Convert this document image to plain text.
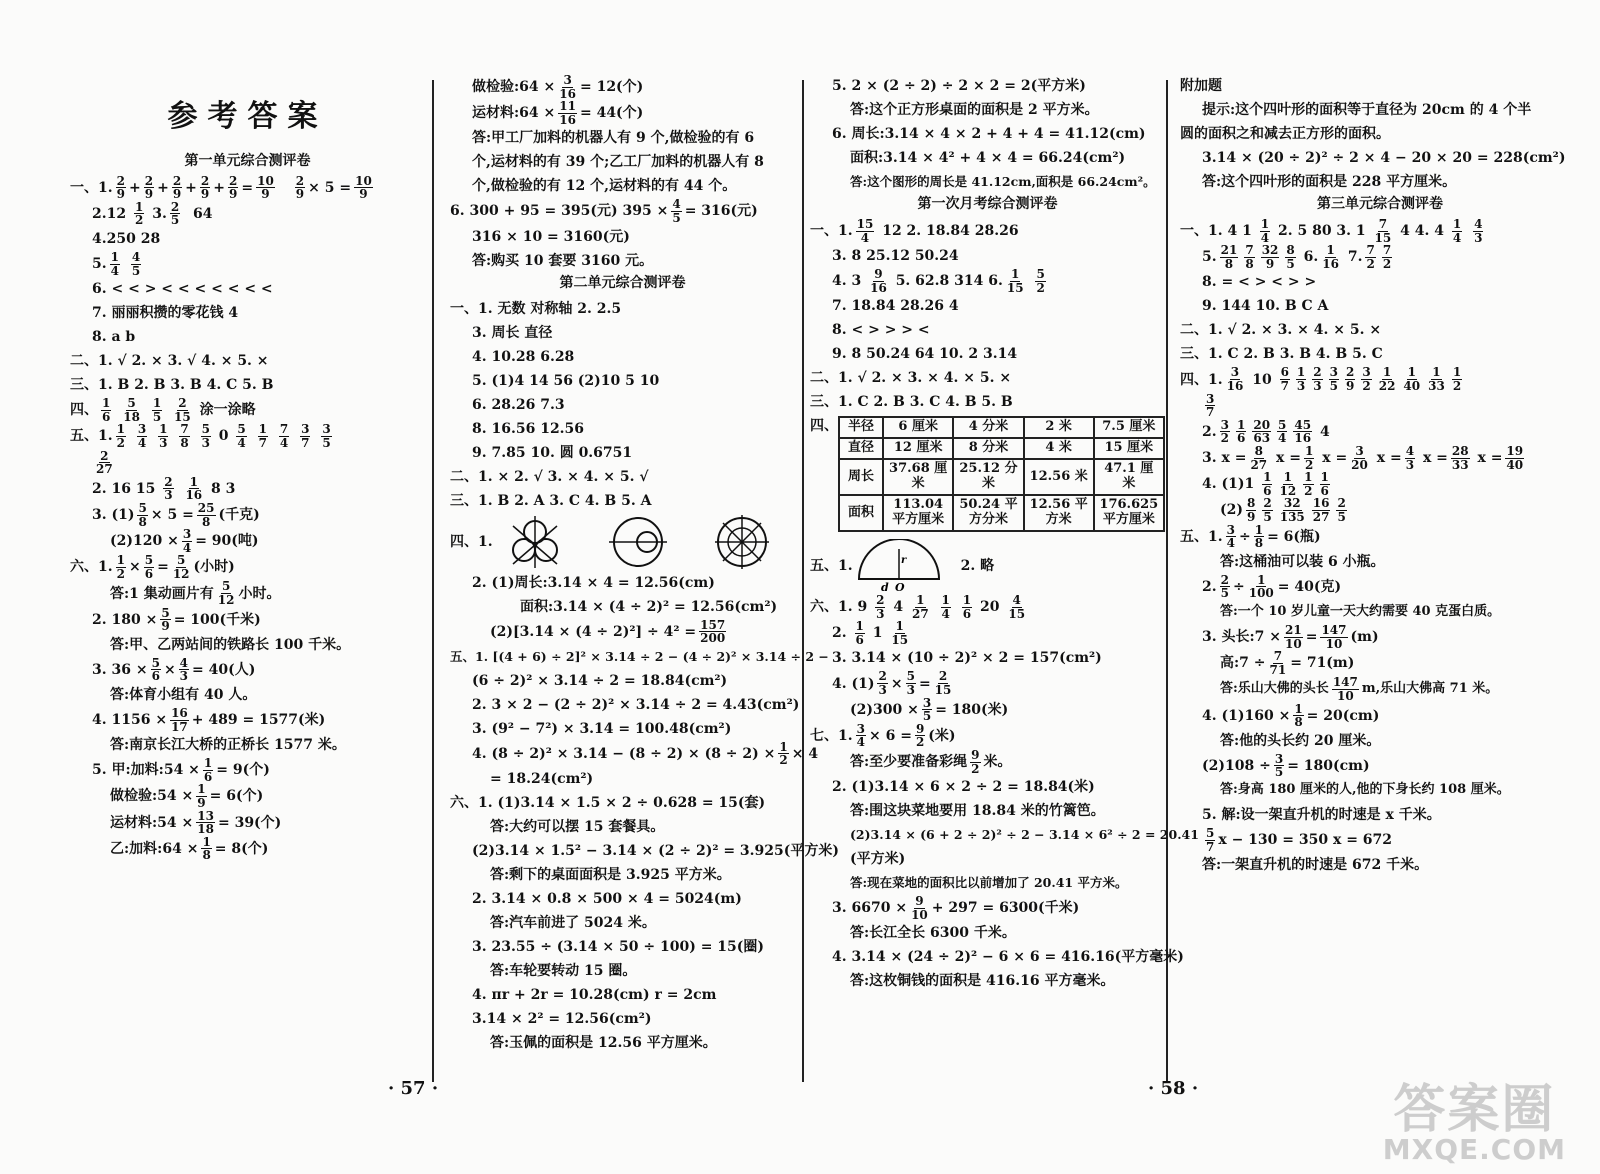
参考答案
第一单元综合测评卷
一、1. $\frac{2}{9} + \frac{2}{9} + \frac{2}{9} + \frac{2}{9} + \frac{2}{9} = \frac{10}{9} \frac{2}{9} \times 5 = \frac{10}{9}$
2.12
$\frac{1}{2}$
3. $\frac{2}{5}$
64
4.250 28
5. $\frac{1}{4}$
$\frac{4}{5}$
6. < < > < < < < < < <
7. 丽丽积攒的零花钱 4
8. a b
二、1. √ 2. × 3. √ 4. × 5. ×
三、1. B 2. B 3. B 4. C 5. B
四、 $\frac{1}{6}$
$\frac{5}{18}$
$\frac{1}{5}$
$\frac{2}{15}$
涂一涂略
五、1. $\frac{1}{2}$
$\frac{3}{4}$
$\frac{1}{3}$
$\frac{7}{8}$
$\frac{5}{3}$
0
$\frac{5}{4}$
$\frac{1}{7}$
$\frac{7}{4}$
$\frac{3}{7}$
$\frac{3}{5}$
$\frac{2}{27}$
2. 16 15
$\frac{2}{3}$
$\frac{1}{16}$
8 3
3. $(1) \frac{5}{8} \times 5 = \frac{25}{8}$ (千克)
$(2)120 \times \frac{3}{4} = 90$(吨)
六、1. $\frac{1}{2} \times \frac{5}{6} = \frac{5}{12}$ (小时)
答:1 集动画片有 $\frac{5}{12}$ 小时。
2. $180 \times \frac{5}{9} = 100$(千米)
答:甲、乙两站间的铁路长 100 千米。
3. $36 \times \frac{5}{6} \times \frac{4}{3} = 40$(人)
答:体育小组有 40 人。
4. $1156 \times \frac{16}{17} + 489 = 1577$(米)
答:南京长江大桥的正桥长 1577 米。
5. 甲:加料:54 × $\frac{1}{6} = 9$(个)
做检验:54 × $\frac{1}{9} = 6$(个)
运材料:54 × $\frac{13}{18} = 39$(个)
乙:加料:64 × $\frac{1}{8} = 8$(个)
做检验:64 × $\frac{3}{16} = 12$(个)
运材料:64 × $\frac{11}{16} = 44$(个)
答:甲工厂加料的机器人有 9 个,做检验的有 6
个,运材料的有 39 个;乙工厂加料的机器人有 8
个,做检验的有 12 个,运材料的有 44 个。
6. 300 + 95 = 395(元) $395 \times \frac{4}{5} = 316$(元)
316 × 10 = 3160(元)
答:购买 10 套要 3160 元。
第二单元综合测评卷
一、1. 无数 对称轴 2. 2.5
3. 周长 直径
4. 10.28 6.28
5. (1)4 14 56 (2)10 5 10
6. 28.26 7.3
8. 16.56 12.56
9. 7.85 10. 圆 0.6751
二、1. × 2. √ 3. × 4. × 5. √
三、1. B 2. A 3. C 4. B 5. A
四、1.
2. (1)周长:3.14 × 4 = 12.56(cm)
面积:3.14 × (4 ÷ 2)² = 12.56(cm²)
$(2)[3.14 \times (4 \div 2)^2] \div 4^2 = \frac{157}{200}$
五、1. [(4 + 6) ÷ 2]² × 3.14 ÷ 2 − (4 ÷ 2)² × 3.14 ÷ 2 −
(6 ÷ 2)² × 3.14 ÷ 2 = 18.84(cm²)
2. 3 × 2 − (2 ÷ 2)² × 3.14 ÷ 2 = 4.43(cm²)
3. (9² − 7²) × 3.14 = 100.48(cm²)
4. $(8 \div 2)^2 \times 3.14 - (8 \div 2) \times (8 \div 2) \times \frac{1}{2} \times 4$
= 18.24(cm²)
六、1. (1)3.14 × 1.5 × 2 ÷ 0.628 = 15(套)
答:大约可以摆 15 套餐具。
(2)3.14 × 1.5² − 3.14 × (2 ÷ 2)² = 3.925(平方米)
答:剩下的桌面面积是 3.925 平方米。
2. 3.14 × 0.8 × 500 × 4 = 5024(m)
答:汽车前进了 5024 米。
3. 23.55 ÷ (3.14 × 50 ÷ 100) = 15(圈)
答:车轮要转动 15 圈。
4. πr + 2r = 10.28(cm) r = 2cm
3.14 × 2² = 12.56(cm²)
答:玉佩的面积是 12.56 平方厘米。
5. 2 × (2 ÷ 2) ÷ 2 × 2 = 2(平方米)
答:这个正方形桌面的面积是 2 平方米。
6. 周长:3.14 × 4 × 2 + 4 + 4 = 41.12(cm)
面积:3.14 × 4² + 4 × 4 = 66.24(cm²)
答:这个图形的周长是 41.12cm,面积是 66.24cm²。
第一次月考综合测评卷
一、1. $\frac{15}{4}$
12 2. 18.84 28.26
3. 8 25.12 50.24
4. 3
$\frac{9}{16}$
5. 62.8 314 6. $\frac{1}{15}$
$\frac{5}{2}$
7. 18.84 28.26 4
8. < > > > <
9. 8 50.24 64 10. 2 3.14
二、1. √ 2. × 3. × 4. × 5. ×
三、1. C 2. B 3. C 4. B 5. B
四、 半径	6 厘米	4 分米	2 米	7.5 厘米
直径	12 厘米	8 分米	4 米	15 厘米
周长	37.68 厘米	25.12 分米	12.56 米	47.1 厘米
面积	113.04 平方厘米	50.24 平方分米	12.56 平方米	176.625 平方厘米
五、1.	r
d O
2. 略
六、1. 9
$\frac{2}{3}$
4
$\frac{1}{27}$
$\frac{1}{4}$
$\frac{1}{6}$
20
$\frac{4}{15}$
2.
$\frac{1}{6}$
1
$\frac{1}{15}$
3. 3.14 × (10 ÷ 2)² × 2 = 157(cm²)
4. $(1) \frac{2}{3} \times \frac{5}{3} = \frac{2}{15}$
$(2)300 \times \frac{3}{5} = 180$(米)
七、1. $\frac{3}{4} \times 6 = \frac{9}{2}$ (米)
答:至少要准备彩绳 $\frac{9}{2}$ 米。
2. (1)3.14 × 6 × 2 ÷ 2 = 18.84(米)
答:围这块菜地要用 18.84 米的竹篱笆。
(2)3.14 × (6 + 2 ÷ 2)² ÷ 2 − 3.14 × 6² ÷ 2 = 20.41
(平方米)
答:现在菜地的面积比以前增加了 20.41 平方米。
3. $6670 \times \frac{9}{10} + 297 = 6300$(千米)
答:长江全长 6300 千米。
4. 3.14 × (24 ÷ 2)² − 6 × 6 = 416.16(平方毫米)
答:这枚铜钱的面积是 416.16 平方毫米。
附加题
提示:这个四叶形的面积等于直径为 20cm 的 4 个半
圆的面积之和减去正方形的面积。
3.14 × (20 ÷ 2)² ÷ 2 × 4 − 20 × 20 = 228(cm²)
答:这个四叶形的面积是 228 平方厘米。
第三单元综合测评卷
一、1. 4 1
$\frac{1}{4}$
2. 5 80 3. 1
$\frac{7}{15}$
4 4. 4
$\frac{1}{4}$
$\frac{4}{3}$
5. $\frac{21}{8} \frac{7}{8} \frac{32}{9} \frac{8}{5}$
6. $\frac{1}{16}$
7. $\frac{7}{2} \frac{7}{2}$
8. = < > < > >
9. 144 10. B C A
二、1. √ 2. × 3. × 4. × 5. ×
三、1. C 2. B 3. B 4. B 5. C
四、1. $\frac{3}{16}$
10
$\frac{6}{7} \frac{1}{3} \frac{2}{3} \frac{3}{5} \frac{2}{9} \frac{3}{2} \frac{1}{22} \frac{1}{40} \frac{1}{33} \frac{1}{2}$
$\frac{3}{7}$
2. $\frac{3}{2} \frac{1}{6} \frac{20}{63} \frac{5}{4} \frac{45}{16}$
4
3. $x = \frac{8}{27}$
$x = \frac{1}{2}$
$x = \frac{3}{20}$
$x = \frac{4}{3}$
$x = \frac{28}{33}$
$x = \frac{19}{40}$
4. (1)1
$\frac{1}{6} \frac{1}{12} \frac{1}{2} \frac{1}{6}$
$(2) \frac{8}{9} \frac{2}{5} \frac{32}{135} \frac{16}{27} \frac{2}{5}$
五、1. $\frac{3}{4} \div \frac{1}{8} = 6$(瓶)
答:这桶油可以装 6 小瓶。
2. $\frac{2}{5} \div \frac{1}{100} = 40$(克)
答:一个 10 岁儿童一天大约需要 40 克蛋白质。
3. 头长:7 × $\frac{21}{10} = \frac{147}{10} (m)$
高:7 ÷ $\frac{7}{71} = 71(m)$
答:乐山大佛的头长 $\frac{147}{10} m$,乐山大佛高 71 米。
4. $(1)160 \times \frac{1}{8} = 20(cm)$
答:他的头长约 20 厘米。
$(2)108 \div \frac{3}{5} = 180(cm)$
答:身高 180 厘米的人,他的下身长约 108 厘米。
5. 解:设一架直升机的时速是 x 千米。
$\frac{5}{7}$ x − 130 = 350 x = 672
答:一架直升机的时速是 672 千米。
· 57 ·	· 58 ·	答案圈
MXQE.COM
